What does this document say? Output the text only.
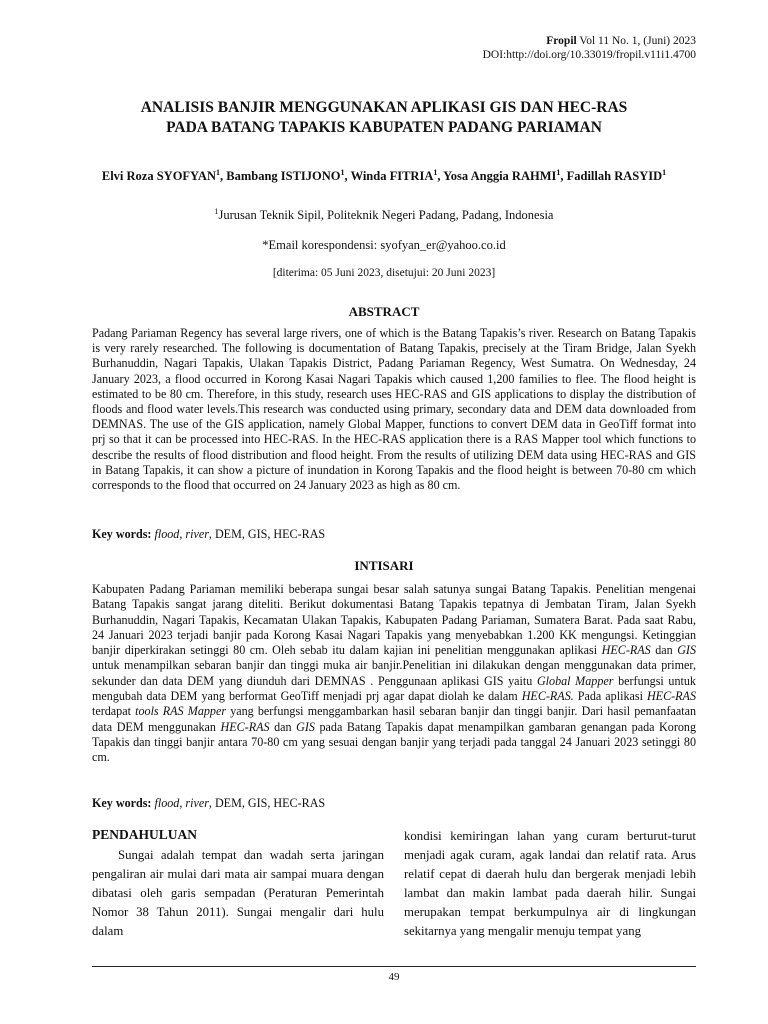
Fropil Vol 11 No. 1, (Juni) 2023
DOI:http://doi.org/10.33019/fropil.v11i1.4700
ANALISIS BANJIR MENGGUNAKAN APLIKASI GIS DAN HEC-RAS
PADA BATANG TAPAKIS KABUPATEN PADANG PARIAMAN
Elvi Roza SYOFYAN$^1$, Bambang ISTIJONO$^1$, Winda FITRIA$^1$, Yosa Anggia RAHMI$^1$, Fadillah RASYID$^1$
$^1$Jurusan Teknik Sipil, Politeknik Negeri Padang, Padang, Indonesia
*Email korespondensi: syofyan_er@yahoo.co.id
[diterima: 05 Juni 2023, disetujui: 20 Juni 2023]
ABSTRACT

Padang Pariaman Regency has several large rivers, one of which is the Batang Tapakis’s river. Research on Batang Tapakis is very rarely researched. The following is documentation of Batang Tapakis, precisely at the Tiram Bridge, Jalan Syekh Burhanuddin, Nagari Tapakis, Ulakan Tapakis District, Padang Pariaman Regency, West Sumatra. On Wednesday, 24 January 2023, a flood occurred in Korong Kasai Nagari Tapakis which caused 1,200 families to flee. The flood height is estimated to be 80 cm. Therefore, in this study, research uses HEC-RAS and GIS applications to display the distribution of floods and flood water levels.This research was conducted using primary, secondary data and DEM data downloaded from DEMNAS. The use of the GIS application, namely Global Mapper, functions to convert DEM data in GeoTiff format into prj so that it can be processed into HEC-RAS. In the HEC-RAS application there is a RAS Mapper tool which functions to describe the results of flood distribution and flood height. From the results of utilizing DEM data using HEC-RAS and GIS in Batang Tapakis, it can show a picture of inundation in Korong Tapakis and the flood height is between 70-80 cm which corresponds to the flood that occurred on 24 January 2023 as high as 80 cm.

Key words: flood, river, DEM, GIS, HEC-RAS

INTISARI

Kabupaten Padang Pariaman memiliki beberapa sungai besar salah satunya sungai Batang Tapakis. Penelitian mengenai Batang Tapakis sangat jarang diteliti. Berikut dokumentasi Batang Tapakis tepatnya di Jembatan Tiram, Jalan Syekh Burhanuddin, Nagari Tapakis, Kecamatan Ulakan Tapakis, Kabupaten Padang Pariaman, Sumatera Barat. Pada saat Rabu, 24 Januari 2023 terjadi banjir pada Korong Kasai Nagari Tapakis yang menyebabkan 1.200 KK mengungsi. Ketinggian banjir diperkirakan setinggi 80 cm. Oleh sebab itu dalam kajian ini penelitian menggunakan aplikasi HEC-RAS dan GIS untuk menampilkan sebaran banjir dan tinggi muka air banjir.Penelitian ini dilakukan dengan menggunakan data primer, sekunder dan data DEM yang diunduh dari DEMNAS . Penggunaan aplikasi GIS yaitu Global Mapper berfungsi untuk mengubah data DEM yang berformat GeoTiff menjadi prj agar dapat diolah ke dalam HEC-RAS. Pada aplikasi HEC-RAS terdapat tools RAS Mapper yang berfungsi menggambarkan hasil sebaran banjir dan tinggi banjir. Dari hasil pemanfaatan data DEM menggunakan HEC-RAS dan GIS pada Batang Tapakis dapat menampilkan gambaran genangan pada Korong Tapakis dan tinggi banjir antara 70-80 cm yang sesuai dengan banjir yang terjadi pada tanggal 24 Januari 2023 setinggi 80 cm.

Key words: flood, river, DEM, GIS, HEC-RAS

PENDAHULUAN

Sungai adalah tempat dan wadah serta jaringan pengaliran air mulai dari mata air sampai muara dengan dibatasi oleh garis sempadan (Peraturan Pemerintah Nomor 38 Tahun 2011). Sungai mengalir dari hulu dalam

kondisi kemiringan lahan yang curam berturut-turut menjadi agak curam, agak landai dan relatif rata. Arus relatif cepat di daerah hulu dan bergerak menjadi lebih lambat dan makin lambat pada daerah hilir. Sungai merupakan tempat berkumpulnya air di lingkungan sekitarnya yang mengalir menuju tempat yang

49
